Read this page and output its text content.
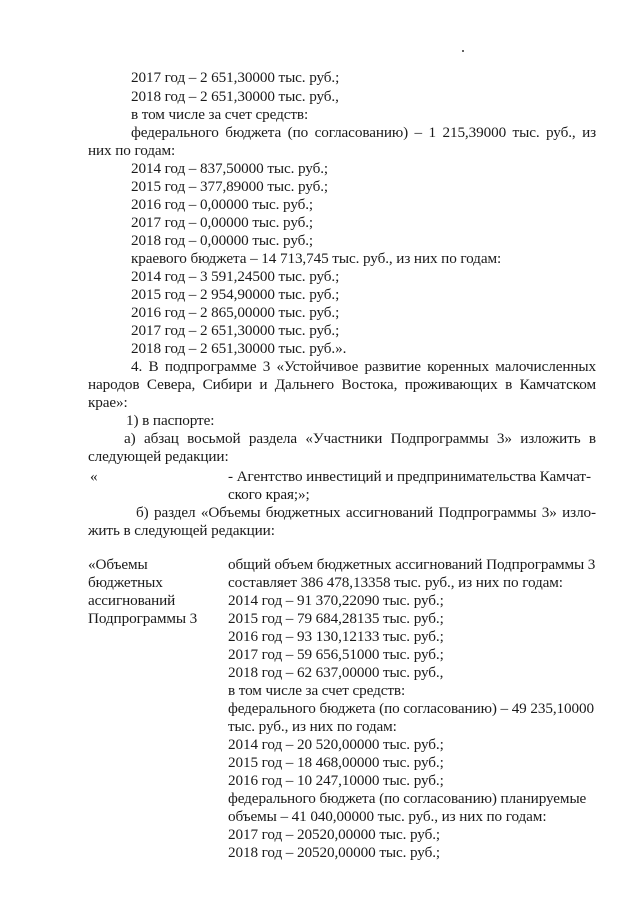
2017 год – 2 651,30000 тыс. руб.;
2018 год – 2 651,30000 тыс. руб.,
в том числе за счет средств:
федерального бюджета (по согласованию) – 1 215,39000 тыс. руб., из
них по годам:
2014 год – 837,50000 тыс. руб.;
2015 год – 377,89000 тыс. руб.;
2016 год – 0,00000 тыс. руб.;
2017 год – 0,00000 тыс. руб.;
2018 год – 0,00000 тыс. руб.;
краевого бюджета – 14 713,745 тыс. руб., из них по годам:
2014 год – 3 591,24500 тыс. руб.;
2015 год – 2 954,90000 тыс. руб.;
2016 год – 2 865,00000 тыс. руб.;
2017 год – 2 651,30000 тыс. руб.;
2018 год – 2 651,30000 тыс. руб.».
4. В подпрограмме 3 «Устойчивое развитие коренных малочисленных
народов Севера, Сибири и Дальнего Востока, проживающих в Камчатском
крае»:
1) в паспорте:
а) абзац восьмой раздела «Участники Подпрограммы 3» изложить в
следующей редакции:
«	- Агентство инвестиций и предпринимательства Камчат-
ского края;»;
б) раздел «Объемы бюджетных ассигнований Подпрограммы 3» изло-
жить в следующей редакции:
«Объемы
бюджетных
ассигнований
Подпрограммы 3
общий объем бюджетных ассигнований Подпрограммы 3
составляет 386 478,13358 тыс. руб., из них по годам:
2014 год – 91 370,22090 тыс. руб.;
2015 год – 79 684,28135 тыс. руб.;
2016 год – 93 130,12133 тыс. руб.;
2017 год – 59 656,51000 тыс. руб.;
2018 год – 62 637,00000 тыс. руб.,
в том числе за счет средств:
федерального бюджета (по согласованию) – 49 235,10000
тыс. руб., из них по годам:
2014 год – 20 520,00000 тыс. руб.;
2015 год – 18 468,00000 тыс. руб.;
2016 год – 10 247,10000 тыс. руб.;
федерального бюджета (по согласованию) планируемые
объемы – 41 040,00000 тыс. руб., из них по годам:
2017 год – 20520,00000 тыс. руб.;
2018 год – 20520,00000 тыс. руб.;
